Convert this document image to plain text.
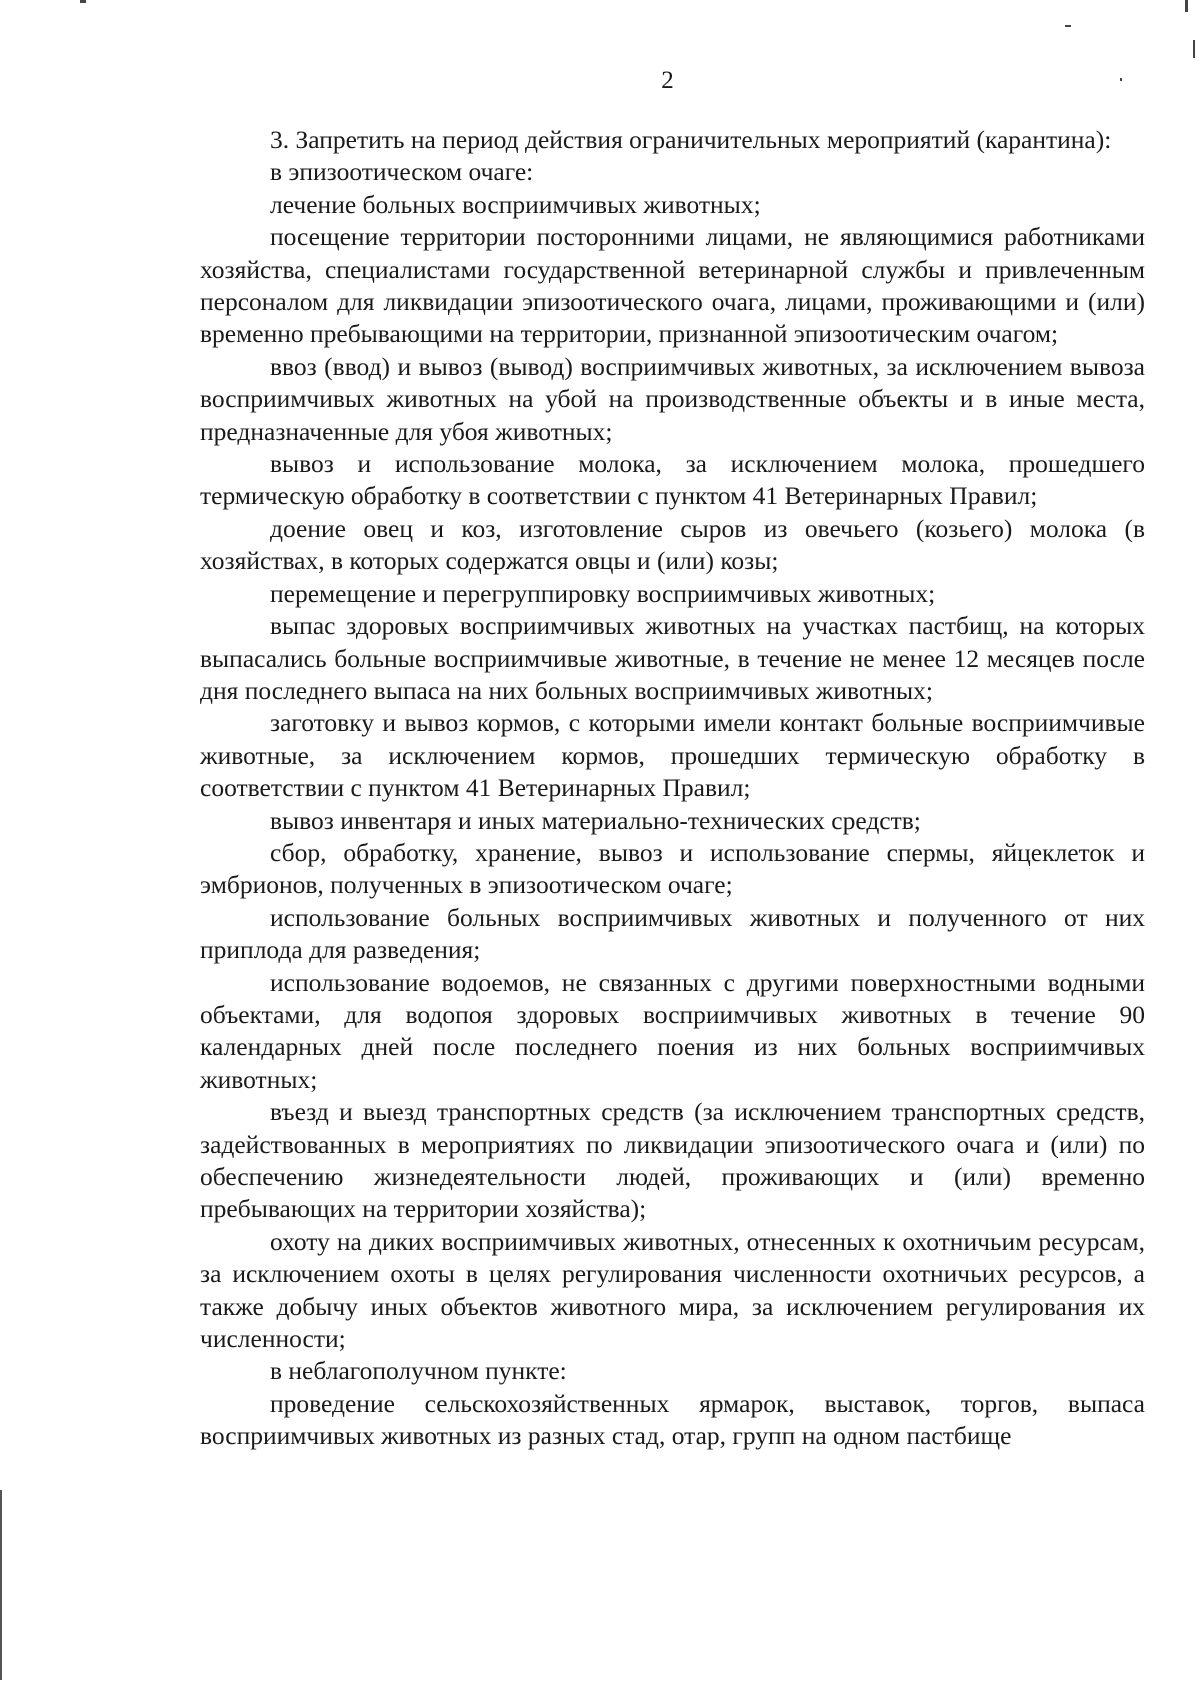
2

3. Запретить на период действия ограничительных мероприятий (карантина):

в эпизоотическом очаге:

лечение больных восприимчивых животных;

посещение территории посторонними лицами, не являющимися работниками хозяйства, специалистами государственной ветеринарной службы и привлеченным персоналом для ликвидации эпизоотического очага, лицами, проживающими и (или) временно пребывающими на территории, признанной эпизоотическим очагом;

ввоз (ввод) и вывоз (вывод) восприимчивых животных, за исключением вывоза восприимчивых животных на убой на производственные объекты и в иные места, предназначенные для убоя животных;

вывоз и использование молока, за исключением молока, прошедшего термическую обработку в соответствии с пунктом 41 Ветеринарных Правил;

доение овец и коз, изготовление сыров из овечьего (козьего) молока (в хозяйствах, в которых содержатся овцы и (или) козы;

перемещение и перегруппировку восприимчивых животных;

выпас здоровых восприимчивых животных на участках пастбищ, на которых выпасались больные восприимчивые животные, в течение не менее 12 месяцев после дня последнего выпаса на них больных восприимчивых животных;

заготовку и вывоз кормов, с которыми имели контакт больные восприимчивые животные, за исключением кормов, прошедших термическую обработку в соответствии с пунктом 41 Ветеринарных Правил;

вывоз инвентаря и иных материально-технических средств;

сбор, обработку, хранение, вывоз и использование спермы, яйцеклеток и эмбрионов, полученных в эпизоотическом очаге;

использование больных восприимчивых животных и полученного от них приплода для разведения;

использование водоемов, не связанных с другими поверхностными водными объектами, для водопоя здоровых восприимчивых животных в течение 90 календарных дней после последнего поения из них больных восприимчивых животных;

въезд и выезд транспортных средств (за исключением транспортных средств, задействованных в мероприятиях по ликвидации эпизоотического очага и (или) по обеспечению жизнедеятельности людей, проживающих и (или) временно пребывающих на территории хозяйства);

охоту на диких восприимчивых животных, отнесенных к охотничьим ресурсам, за исключением охоты в целях регулирования численности охотничьих ресурсов, а также добычу иных объектов животного мира, за исключением регулирования их численности;

в неблагополучном пункте:

проведение сельскохозяйственных ярмарок, выставок, торгов, выпаса восприимчивых животных из разных стад, отар, групп на одном пастбище
